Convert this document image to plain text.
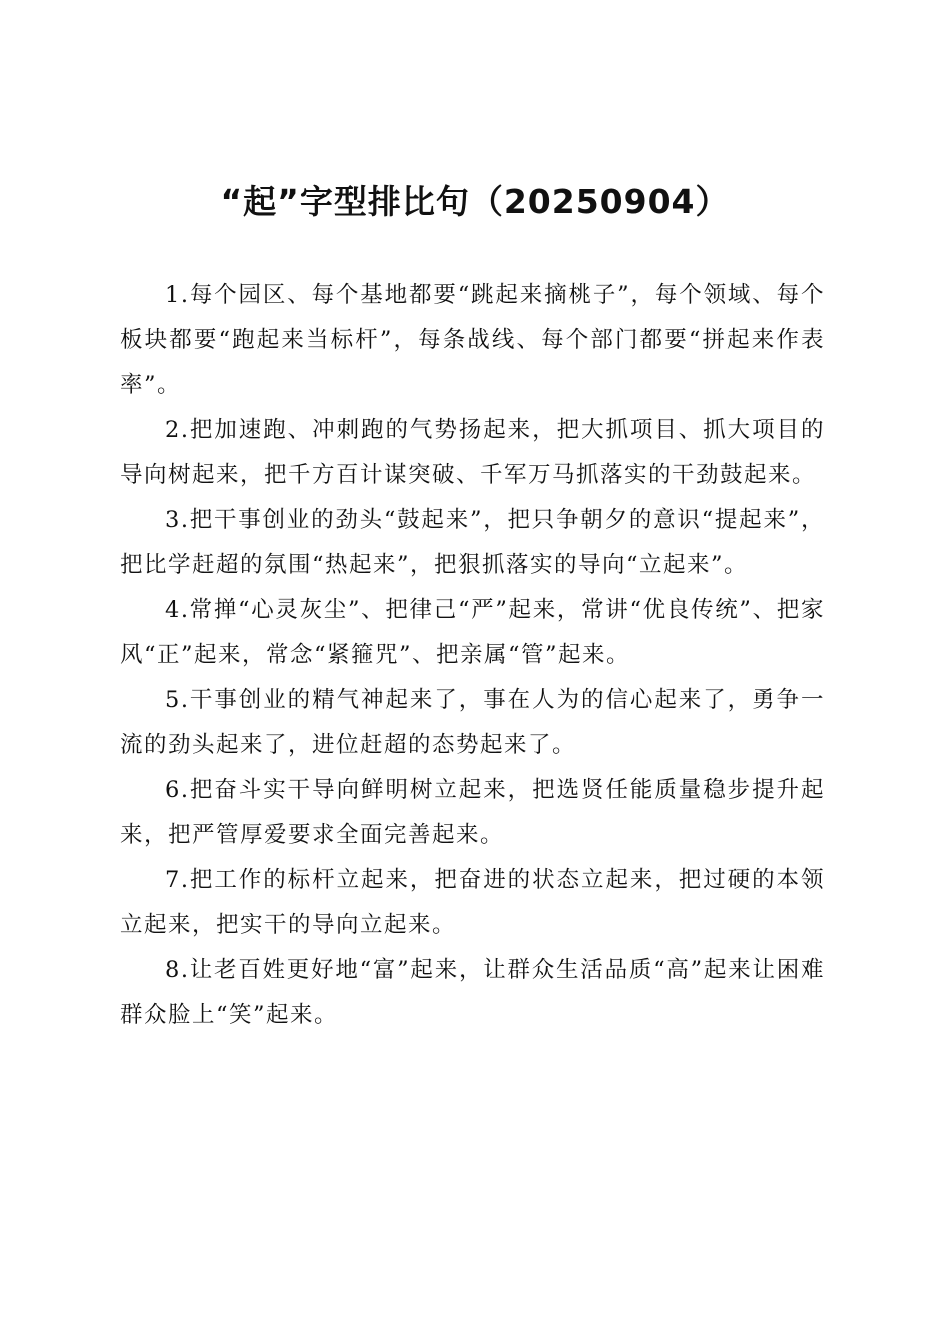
“起”字型排比句（20250904）

1.每个园区、每个基地都要“跳起来摘桃子”，每个领域、每个板块都要“跑起来当标杆”，每条战线、每个部门都要“拼起来作表率”。

2.把加速跑、冲刺跑的气势扬起来，把大抓项目、抓大项目的导向树起来，把千方百计谋突破、千军万马抓落实的干劲鼓起来。

3.把干事创业的劲头“鼓起来”，把只争朝夕的意识“提起来”，把比学赶超的氛围“热起来”，把狠抓落实的导向“立起来”。

4.常掸“心灵灰尘”、把律己“严”起来，常讲“优良传统”、把家风“正”起来，常念“紧箍咒”、把亲属“管”起来。

5.干事创业的精气神起来了，事在人为的信心起来了，勇争一流的劲头起来了，进位赶超的态势起来了。

6.把奋斗实干导向鲜明树立起来，把选贤任能质量稳步提升起来，把严管厚爱要求全面完善起来。

7.把工作的标杆立起来，把奋进的状态立起来，把过硬的本领立起来，把实干的导向立起来。

8.让老百姓更好地“富”起来，让群众生活品质“高”起来让困难群众脸上“笑”起来。
